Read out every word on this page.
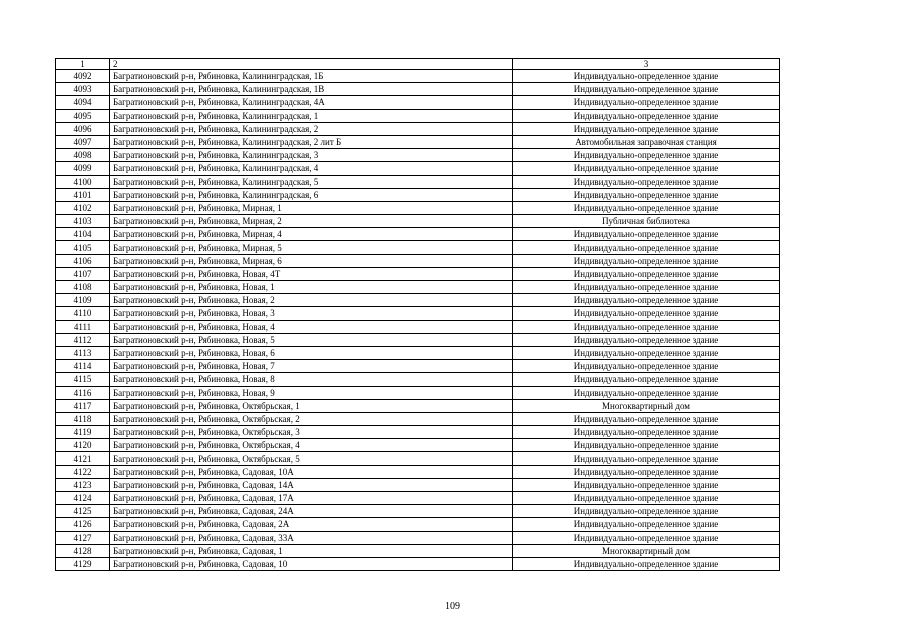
1	2	3
4092	Багратионовский р-н, Рябиновка, Калининградская, 1Б	Индивидуально-определенное здание
4093	Багратионовский р-н, Рябиновка, Калининградская, 1В	Индивидуально-определенное здание
4094	Багратионовский р-н, Рябиновка, Калининградская, 4А	Индивидуально-определенное здание
4095	Багратионовский р-н, Рябиновка, Калининградская, 1	Индивидуально-определенное здание
4096	Багратионовский р-н, Рябиновка, Калининградская, 2	Индивидуально-определенное здание
4097	Багратионовский р-н, Рябиновка, Калининградская, 2 лит Б	Автомобильная заправочная станция
4098	Багратионовский р-н, Рябиновка, Калининградская, 3	Индивидуально-определенное здание
4099	Багратионовский р-н, Рябиновка, Калининградская, 4	Индивидуально-определенное здание
4100	Багратионовский р-н, Рябиновка, Калининградская, 5	Индивидуально-определенное здание
4101	Багратионовский р-н, Рябиновка, Калининградская, 6	Индивидуально-определенное здание
4102	Багратионовский р-н, Рябиновка, Мирная, 1	Индивидуально-определенное здание
4103	Багратионовский р-н, Рябиновка, Мирная, 2	Публичная библиотека
4104	Багратионовский р-н, Рябиновка, Мирная, 4	Индивидуально-определенное здание
4105	Багратионовский р-н, Рябиновка, Мирная, 5	Индивидуально-определенное здание
4106	Багратионовский р-н, Рябиновка, Мирная, 6	Индивидуально-определенное здание
4107	Багратионовский р-н, Рябиновка, Новая, 4Т	Индивидуально-определенное здание
4108	Багратионовский р-н, Рябиновка, Новая, 1	Индивидуально-определенное здание
4109	Багратионовский р-н, Рябиновка, Новая, 2	Индивидуально-определенное здание
4110	Багратионовский р-н, Рябиновка, Новая, 3	Индивидуально-определенное здание
4111	Багратионовский р-н, Рябиновка, Новая, 4	Индивидуально-определенное здание
4112	Багратионовский р-н, Рябиновка, Новая, 5	Индивидуально-определенное здание
4113	Багратионовский р-н, Рябиновка, Новая, 6	Индивидуально-определенное здание
4114	Багратионовский р-н, Рябиновка, Новая, 7	Индивидуально-определенное здание
4115	Багратионовский р-н, Рябиновка, Новая, 8	Индивидуально-определенное здание
4116	Багратионовский р-н, Рябиновка, Новая, 9	Индивидуально-определенное здание
4117	Багратионовский р-н, Рябиновка, Октябрьская, 1	Многоквартирный дом
4118	Багратионовский р-н, Рябиновка, Октябрьская, 2	Индивидуально-определенное здание
4119	Багратионовский р-н, Рябиновка, Октябрьская, 3	Индивидуально-определенное здание
4120	Багратионовский р-н, Рябиновка, Октябрьская, 4	Индивидуально-определенное здание
4121	Багратионовский р-н, Рябиновка, Октябрьская, 5	Индивидуально-определенное здание
4122	Багратионовский р-н, Рябиновка, Садовая, 10А	Индивидуально-определенное здание
4123	Багратионовский р-н, Рябиновка, Садовая, 14А	Индивидуально-определенное здание
4124	Багратионовский р-н, Рябиновка, Садовая, 17А	Индивидуально-определенное здание
4125	Багратионовский р-н, Рябиновка, Садовая, 24А	Индивидуально-определенное здание
4126	Багратионовский р-н, Рябиновка, Садовая, 2А	Индивидуально-определенное здание
4127	Багратионовский р-н, Рябиновка, Садовая, 33А	Индивидуально-определенное здание
4128	Багратионовский р-н, Рябиновка, Садовая, 1	Многоквартирный дом
4129	Багратионовский р-н, Рябиновка, Садовая, 10	Индивидуально-определенное здание
109
